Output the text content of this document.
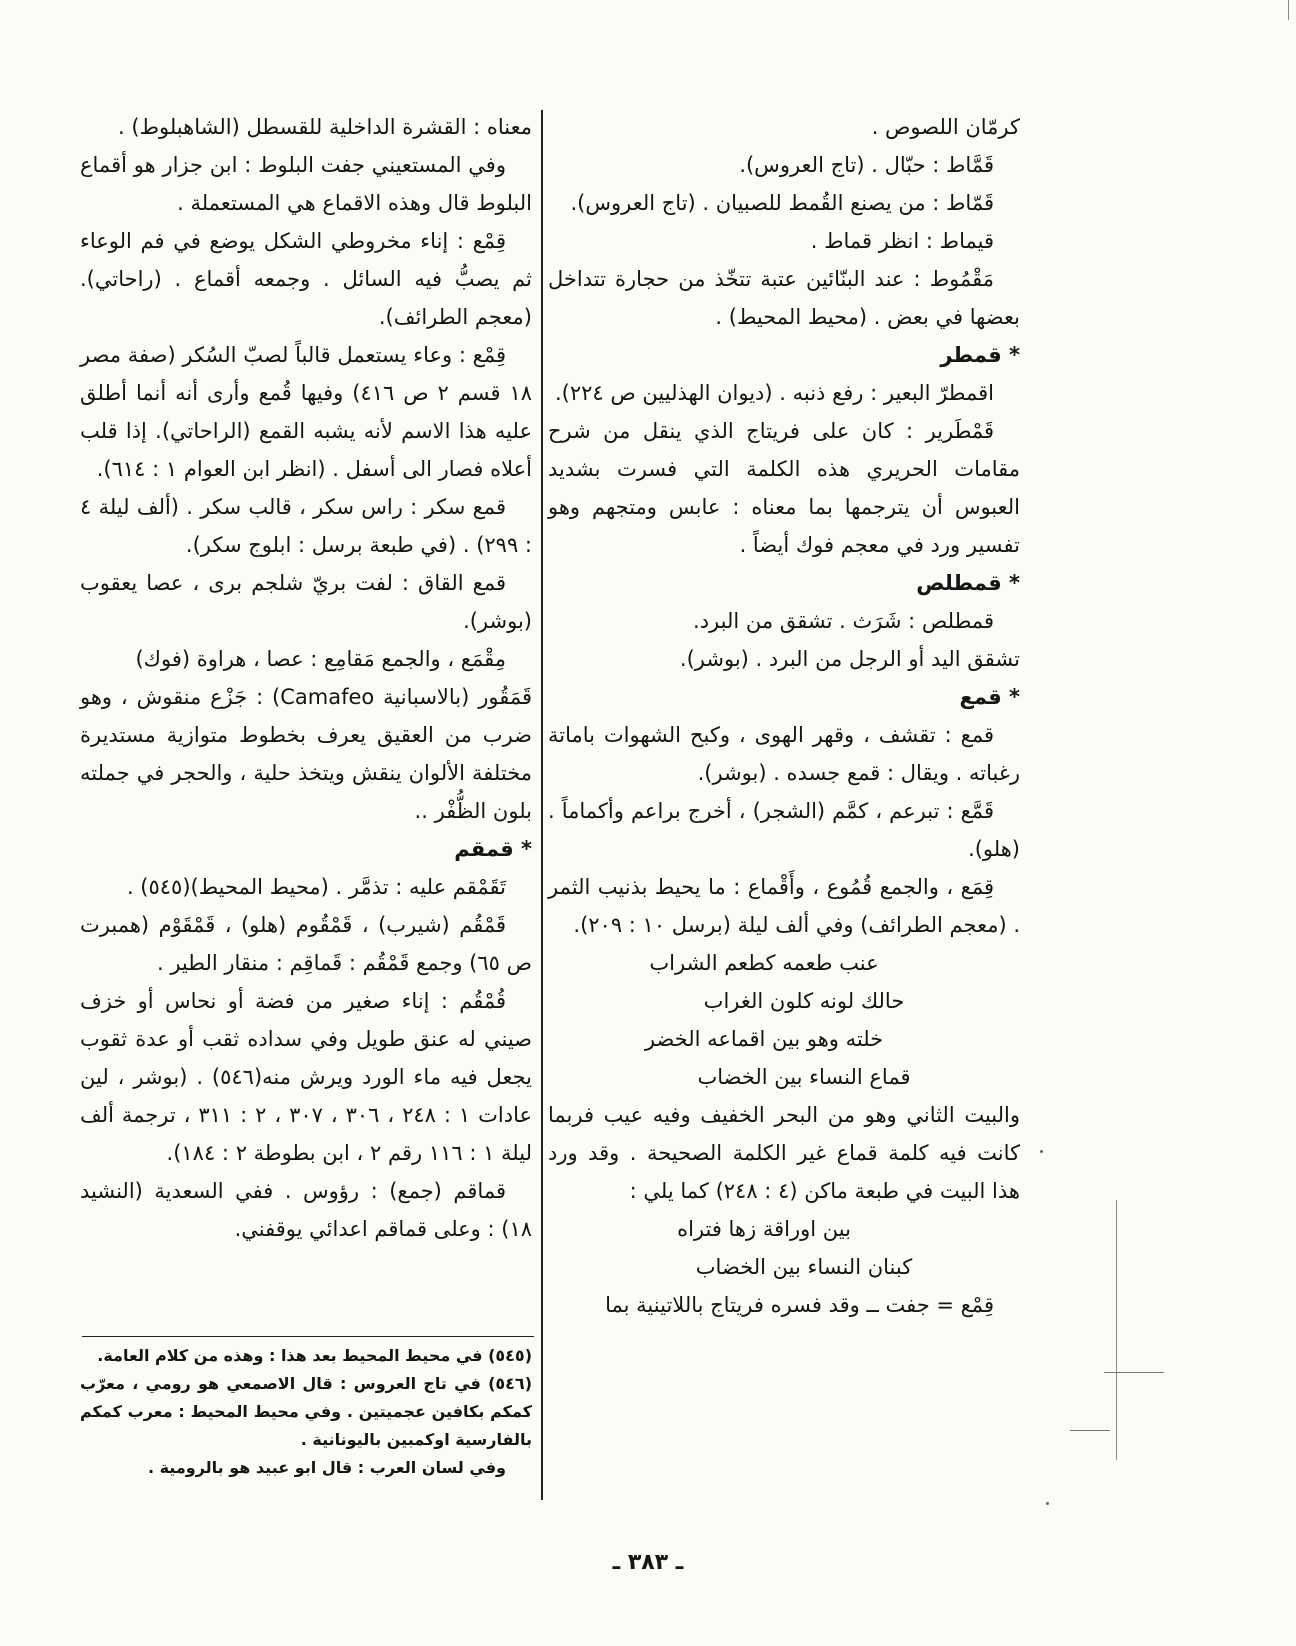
كرمّان اللصوص .

قَمَّاط : حبّال . (تاج العروس).

قَمّاط : من يصنع القُمط للصبيان . (تاج العروس).

قيماط : انظر قماط .

مَقْمُوط : عند البنّائين عتبة تتخّذ من حجارة تتداخل بعضها في بعض . (محيط المحيط) .

* قمطر

اقمطرّ البعير : رفع ذنبه . (ديوان الهذليين ص ٢٢٤).

قَمْطَرير : كان على فريتاج الذي ينقل من شرح مقامات الحريري هذه الكلمة التي فسرت بشديد العبوس أن يترجمها بما معناه : عابس ومتجهم وهو تفسير ورد في معجم فوك أيضاً .

* قمطلص

قمطلص : شَرَث . تشقق من البرد.

تشقق اليد أو الرجل من البرد . (بوشر).

* قمع

قمع : تقشف ، وقهر الهوى ، وكبح الشهوات باماتة رغباته . ويقال : قمع جسده . (بوشر).

قَمَّع : تبرعم ، كمَّم (الشجر) ، أخرج براعم وأكماماً . (هلو).

قِمَع ، والجمع قُمُوع ، وأَقْماع : ما يحيط بذنيب الثمر . (معجم الطرائف) وفي ألف ليلة (برسل ١٠ : ٢٠٩).

عنب طعمه كطعم الشراب

حالك لونه كلون الغراب

خلته وهو بين اقماعه الخضر

قماع النساء بين الخضاب

والبيت الثاني وهو من البحر الخفيف وفيه عيب فربما كانت فيه كلمة قماع غير الكلمة الصحيحة . وقد ورد هذا البيت في طبعة ماكن (٤ : ٢٤٨) كما يلي :

بين اوراقة زها فتراه

كبنان النساء بين الخضاب

قِمْع = جفت ــ وقد فسره فريتاج باللاتينية بما

معناه : القشرة الداخلية للقسطل (الشاهبلوط) .

وفي المستعيني جفت البلوط : ابن جزار هو أقماع البلوط قال وهذه الاقماع هي المستعملة .

قِمْع : إناء مخروطي الشكل يوضع في فم الوعاء ثم يصبُّ فيه السائل . وجمعه أقماع . (راحاتي). (معجم الطرائف).

قِمْع : وعاء يستعمل قالباً لصبّ السُكر (صفة مصر ١٨ قسم ٢ ص ٤١٦) وفيها قُمع وأرى أنه أنما أطلق عليه هذا الاسم لأنه يشبه القمع (الراحاتي). إذا قلب أعلاه فصار الى أسفل . (انظر ابن العوام ١ : ٦١٤).

قمع سكر : راس سكر ، قالب سكر . (ألف ليلة ٤ : ٢٩٩) . (في طبعة برسل : ابلوج سكر).

قمع القاق : لفت بريّ شلجم برى ، عصا يعقوب (بوشر).

مِقْمَع ، والجمع مَقامِع : عصا ، هراوة (فوك)

قَمَقُور (بالاسبانية Camafeo) : جَزْع منقوش ، وهو ضرب من العقيق يعرف بخطوط متوازية مستديرة مختلفة الألوان ينقش ويتخذ حلية ، والحجر في جملته بلون الظُّفْر ..

* قمقم

تَقَمْقم عليه : تذمَّر . (محيط المحيط)(٥٤٥) .

قَمْقُم (شيرب) ، قَمْقُوم (هلو) ، قَمْقَوْم (همبرت ص ٦٥) وجمع قَمْقُم : قَماقِم : منقار الطير .

قُمْقُم : إناء صغير من فضة أو نحاس أو خزف صيني له عنق طويل وفي سداده ثقب أو عدة ثقوب يجعل فيه ماء الورد ويرش منه(٥٤٦) . (بوشر ، لين عادات ١ : ٢٤٨ ، ٣٠٦ ، ٣٠٧ ، ٢ : ٣١١ ، ترجمة ألف ليلة ١ : ١١٦ رقم ٢ ، ابن بطوطة ٢ : ١٨٤).

قماقم (جمع) : رؤوس . ففي السعدية (النشيد ١٨) : وعلى قماقم اعدائي يوقفني.

(٥٤٥) في محيط المحيط بعد هذا : وهذه من كلام العامة.

(٥٤٦) في تاج العروس : قال الاصمعي هو رومي ، معرّب كمكم بكافين عجميتين . وفي محيط المحيط : معرب كمكم بالفارسية اوكمبين باليونانية .

وفي لسان العرب : قال ابو عبيد هو بالرومية .

ـ ٣٨٣ ـ
